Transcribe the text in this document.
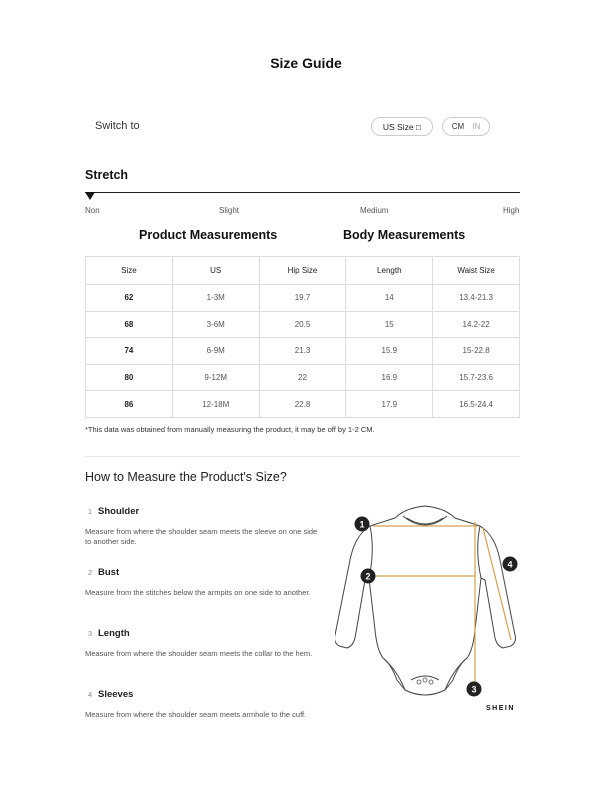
Size Guide
Switch to	US Size □	CM IN
Stretch
Non	Slight	Medium	High
Product Measurements	Body Measurements
Size	US	Hip Size	Length	Waist Size
62	1-3M	19.7	14	13.4-21.3
68	3-6M	20.5	15	14.2-22
74	6-9M	21.3	15.9	15-22.8
80	9-12M	22	16.9	15.7-23.6
86	12-18M	22.8	17.9	16.5-24.4
*This data was obtained from manually measuring the product, it may be off by 1-2 CM.
How to Measure the Product's Size?
1 Shoulder
Measure from where the shoulder seam meets the sleeve on one side to another side.
2 Bust
Measure from the stitches below the armpits on one side to another.
3 Length
Measure from where the shoulder seam meets the collar to the hem.
4 Sleeves
Measure from where the shoulder seam meets armhole to the cuff.
1
2
3
4
SHEIN
